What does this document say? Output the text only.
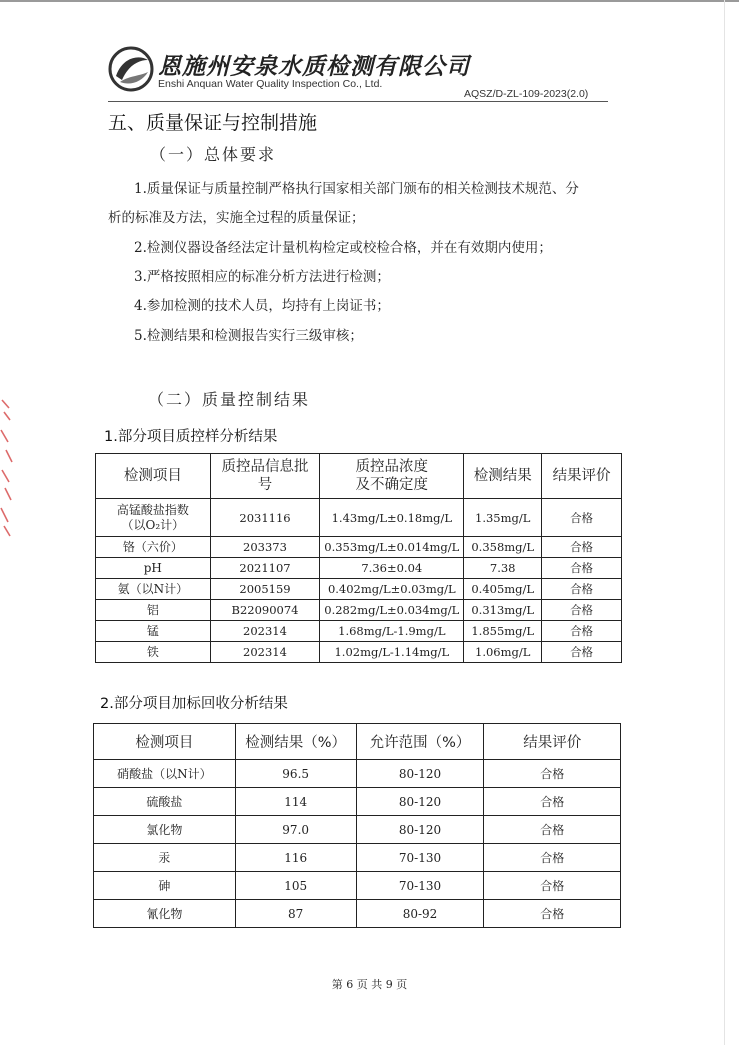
恩施州安泉水质检测有限公司
Enshi Anquan Water Quality Inspection Co., Ltd.
AQSZ/D-ZL-109-2023(2.0)
五、质量保证与控制措施
（一）总体要求
1.质量保证与质量控制严格执行国家相关部门颁布的相关检测技术规范、分
析的标准及方法，实施全过程的质量保证；
2.检测仪器设备经法定计量机构检定或校检合格，并在有效期内使用；
3.严格按照相应的标准分析方法进行检测；
4.参加检测的技术人员，均持有上岗证书；
5.检测结果和检测报告实行三级审核；
（二）质量控制结果
1.部分项目质控样分析结果
检测项目	质控品信息批号	质控品浓度及不确定度	检测结果	结果评价
高锰酸盐指数（以O₂计）	2031116	1.43mg/L±0.18mg/L	1.35mg/L	合格
铬（六价）	203373	0.353mg/L±0.014mg/L	0.358mg/L	合格
pH	2021107	7.36±0.04	7.38	合格
氨（以N计）	2005159	0.402mg/L±0.03mg/L	0.405mg/L	合格
铝	B22090074	0.282mg/L±0.034mg/L	0.313mg/L	合格
锰	202314	1.68mg/L-1.9mg/L	1.855mg/L	合格
铁	202314	1.02mg/L-1.14mg/L	1.06mg/L	合格
2.部分项目加标回收分析结果
检测项目	检测结果（%）	允许范围（%）	结果评价
硝酸盐（以N计）	96.5	80-120	合格
硫酸盐	114	80-120	合格
氯化物	97.0	80-120	合格
汞	116	70-130	合格
砷	105	70-130	合格
氰化物	87	80-92	合格
第 6 页 共 9 页
